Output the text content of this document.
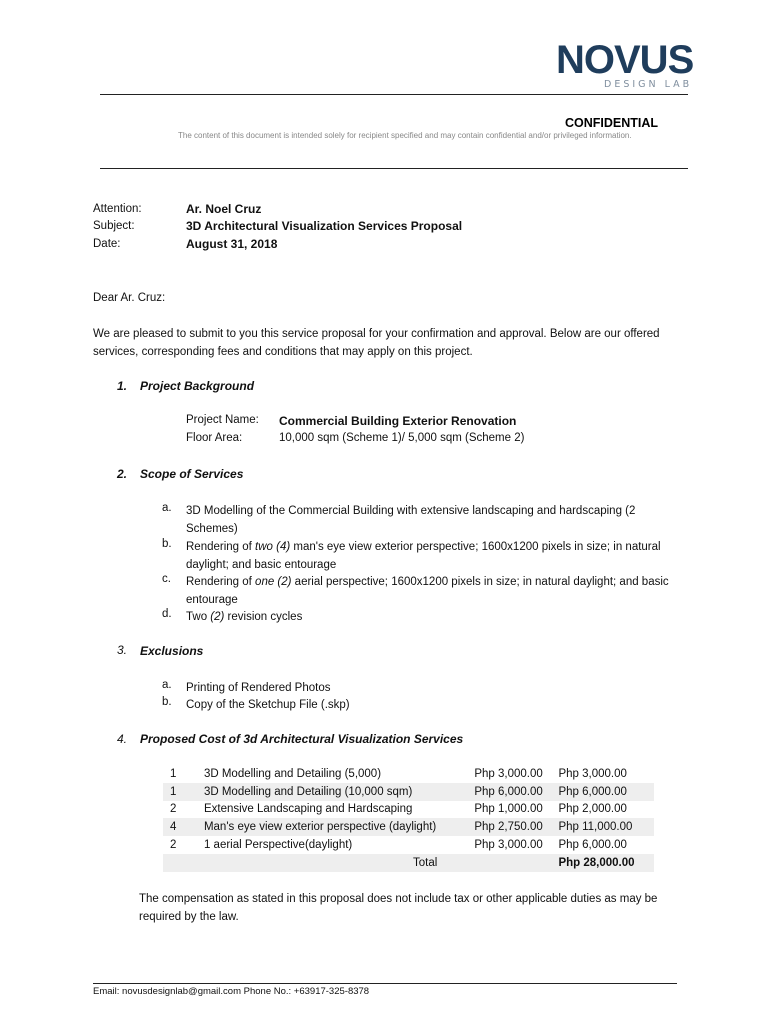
NOVUS
DESIGN LAB
CONFIDENTIAL
The content of this document is intended solely for recipient specified and may contain confidential and/or privileged information.
Attention:	Ar. Noel Cruz
Subject:	3D Architectural Visualization Services Proposal
Date:	August 31, 2018
Dear Ar. Cruz:
We are pleased to submit to you this service proposal for your confirmation and approval. Below are our offered services, corresponding fees and conditions that may apply on this project.
1. Project Background
Project Name: Commercial Building Exterior Renovation
Floor Area:	10,000 sqm (Scheme 1)/ 5,000 sqm (Scheme 2)
2. Scope of Services
a. 3D Modelling of the Commercial Building with extensive landscaping and hardscaping (2 Schemes)
b. Rendering of two (4) man's eye view exterior perspective; 1600x1200 pixels in size; in natural daylight; and basic entourage
c. Rendering of one (2) aerial perspective; 1600x1200 pixels in size; in natural daylight; and basic entourage
d. Two (2) revision cycles
3. Exclusions
a. Printing of Rendered Photos
b. Copy of the Sketchup File (.skp)
4. Proposed Cost of 3d Architectural Visualization Services
1	3D Modelling and Detailing (5,000)	Php 3,000.00	Php 3,000.00
1	3D Modelling and Detailing (10,000 sqm)	Php 6,000.00	Php 6,000.00
2	Extensive Landscaping and Hardscaping	Php 1,000.00	Php 2,000.00
4	Man's eye view exterior perspective (daylight)	Php 2,750.00	Php 11,000.00
2	1 aerial Perspective(daylight)	Php 3,000.00	Php 6,000.00
	Total		Php 28,000.00
The compensation as stated in this proposal does not include tax or other applicable duties as may be required by the law.
Email: novusdesignlab@gmail.com Phone No.: +63917-325-8378
